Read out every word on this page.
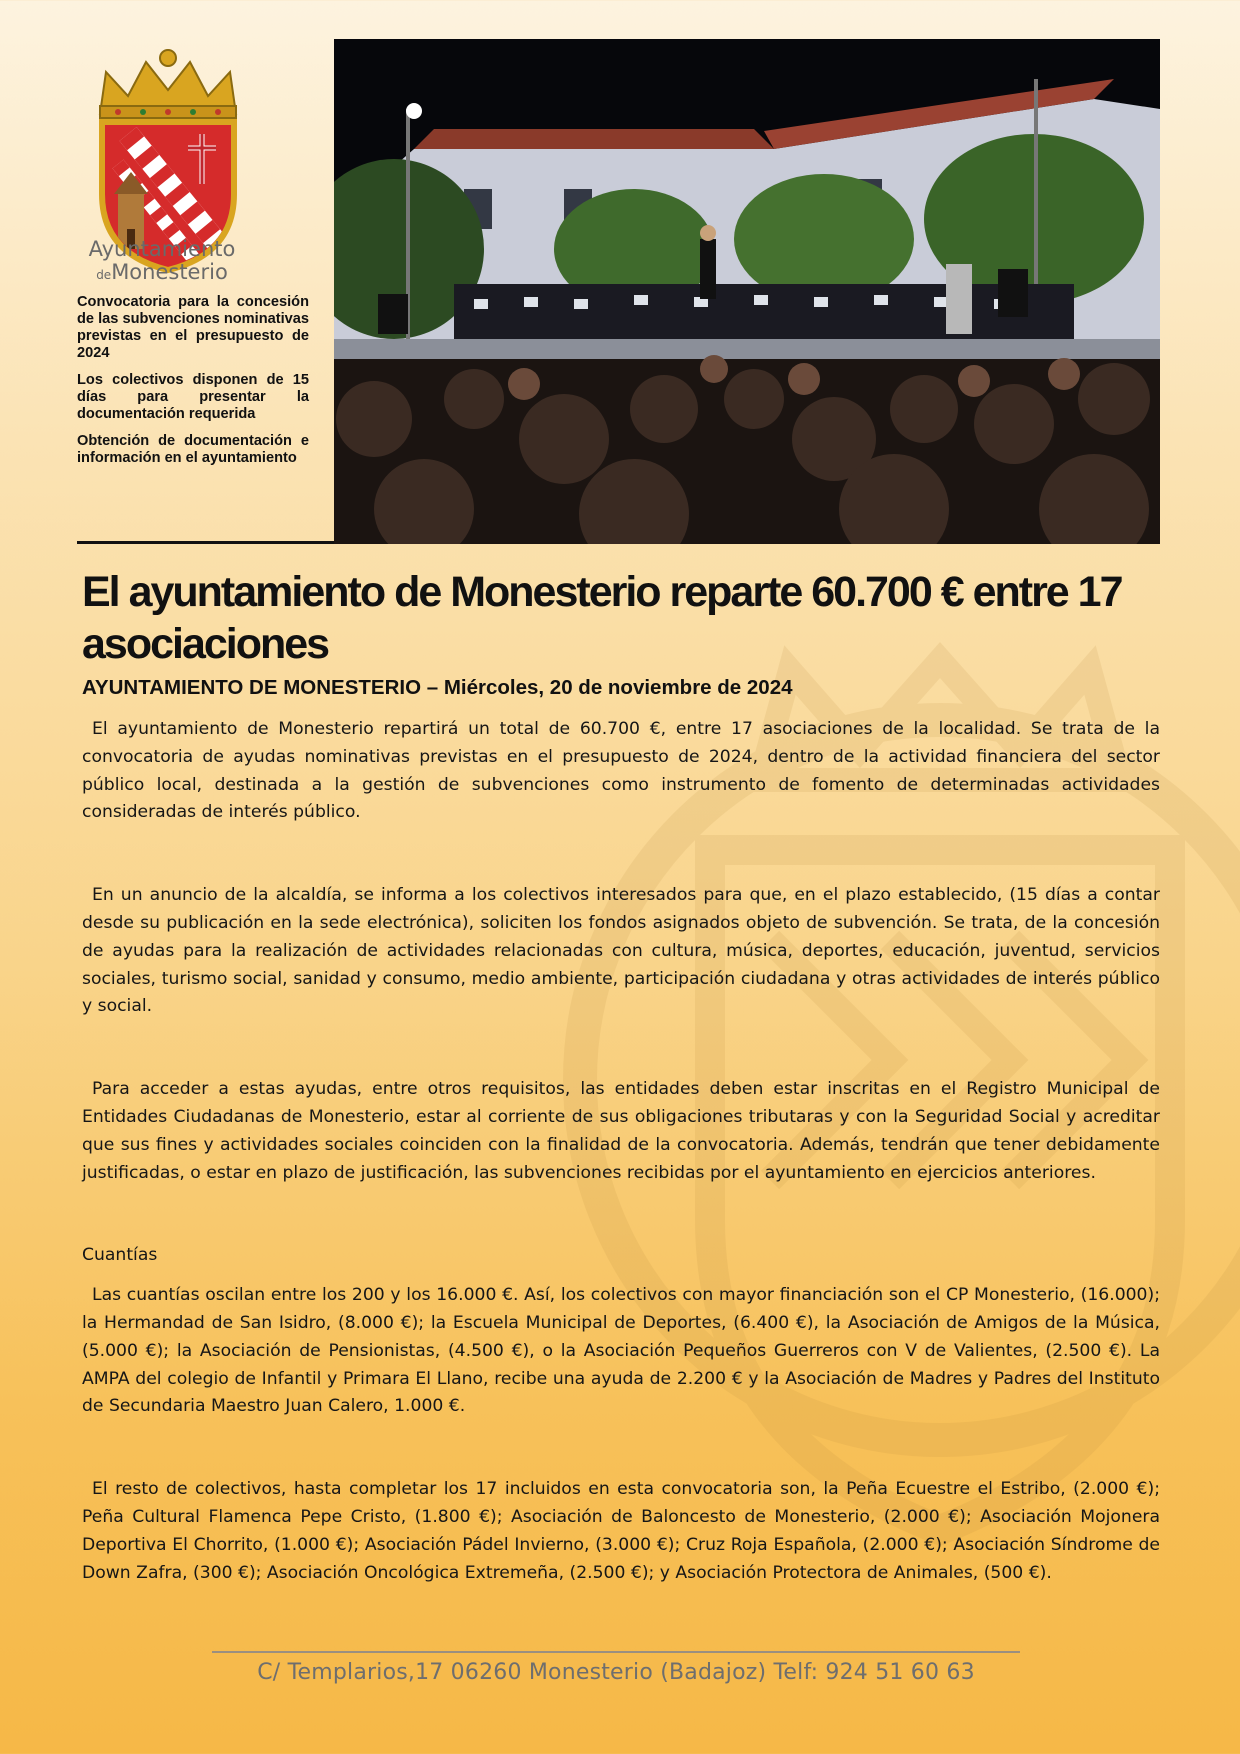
Ayuntamiento
deMonesterio

Convocatoria para la concesión de las subvenciones nominativas previstas en el presupuesto de 2024

Los colectivos disponen de 15 días para presentar la documentación requerida

Obtención de documentación e información en el ayuntamiento

El ayuntamiento de Monesterio reparte 60.700 € entre 17 asociaciones
AYUNTAMIENTO DE MONESTERIO – Miércoles, 20 de noviembre de 2024

El ayuntamiento de Monesterio repartirá un total de 60.700 €, entre 17 asociaciones de la localidad. Se trata de la convocatoria de ayudas nominativas previstas en el presupuesto de 2024, dentro de la actividad financiera del sector público local, destinada a la gestión de subvenciones como instrumento de fomento de determinadas actividades consideradas de interés público.

En un anuncio de la alcaldía, se informa a los colectivos interesados para que, en el plazo establecido, (15 días a contar desde su publicación en la sede electrónica), soliciten los fondos asignados objeto de subvención. Se trata, de la concesión de ayudas para la realización de actividades relacionadas con cultura, música, deportes, educación, juventud, servicios sociales, turismo social, sanidad y consumo, medio ambiente, participación ciudadana y otras actividades de interés público y social.

Para acceder a estas ayudas, entre otros requisitos, las entidades deben estar inscritas en el Registro Municipal de Entidades Ciudadanas de Monesterio, estar al corriente de sus obligaciones tributaras y con la Seguridad Social y acreditar que sus fines y actividades sociales coinciden con la finalidad de la convocatoria. Además, tendrán que tener debidamente justificadas, o estar en plazo de justificación, las subvenciones recibidas por el ayuntamiento en ejercicios anteriores.

Cuantías

Las cuantías oscilan entre los 200 y los 16.000 €. Así, los colectivos con mayor financiación son el CP Monesterio, (16.000); la Hermandad de San Isidro, (8.000 €); la Escuela Municipal de Deportes, (6.400 €), la Asociación de Amigos de la Música, (5.000 €); la Asociación de Pensionistas, (4.500 €), o la Asociación Pequeños Guerreros con V de Valientes, (2.500 €). La AMPA del colegio de Infantil y Primara El Llano, recibe una ayuda de 2.200 € y la Asociación de Madres y Padres del Instituto de Secundaria Maestro Juan Calero, 1.000 €.

El resto de colectivos, hasta completar los 17 incluidos en esta convocatoria son, la Peña Ecuestre el Estribo, (2.000 €); Peña Cultural Flamenca Pepe Cristo, (1.800 €); Asociación de Baloncesto de Monesterio, (2.000 €); Asociación Mojonera Deportiva El Chorrito, (1.000 €); Asociación Pádel Invierno, (3.000 €); Cruz Roja Española, (2.000 €); Asociación Síndrome de Down Zafra, (300 €); Asociación Oncológica Extremeña, (2.500 €); y Asociación Protectora de Animales, (500 €).

C/ Templarios,17 06260 Monesterio (Badajoz) Telf: 924 51 60 63
